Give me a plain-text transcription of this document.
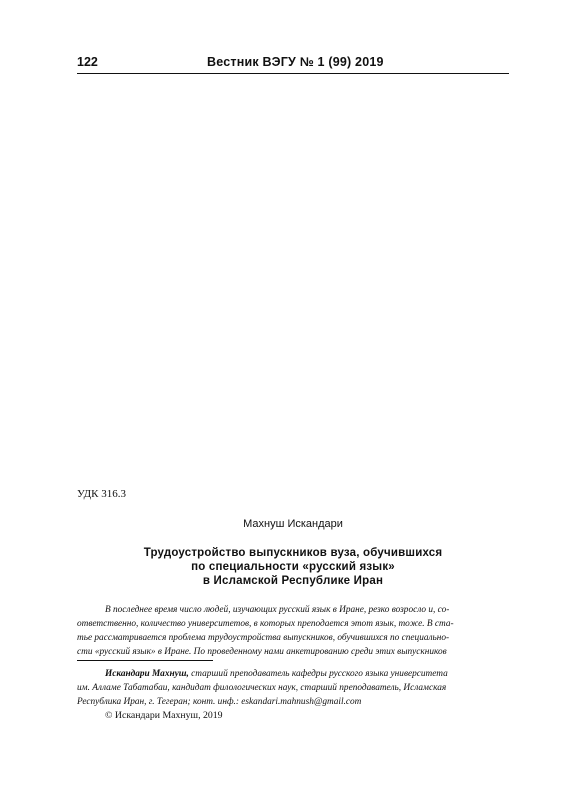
122	Вестник ВЭГУ № 1 (99) 2019
УДК 316.3
Махнуш Искандари
Трудоустройство выпускников вуза, обучившихся
по специальности «русский язык»
в Исламской Республике Иран
В последнее время число людей, изучающих русский язык в Иране, резко возросло и, со-
ответственно, количество университетов, в которых преподается этот язык, тоже. В ста-
тье рассматривается проблема трудоустройства выпускников, обучившихся по специально-
сти «русский язык» в Иране. По проведенному нами анкетированию среди этих выпускников
Искандари Махнуш, старший преподаватель кафедры русского языка университета
им. Алламе Табатабаи, кандидат филологических наук, старший преподаватель, Исламская
Республика Иран, г. Тегеран; конт. инф.: eskandari.mahnush@gmail.com
© Искандари Махнуш, 2019
